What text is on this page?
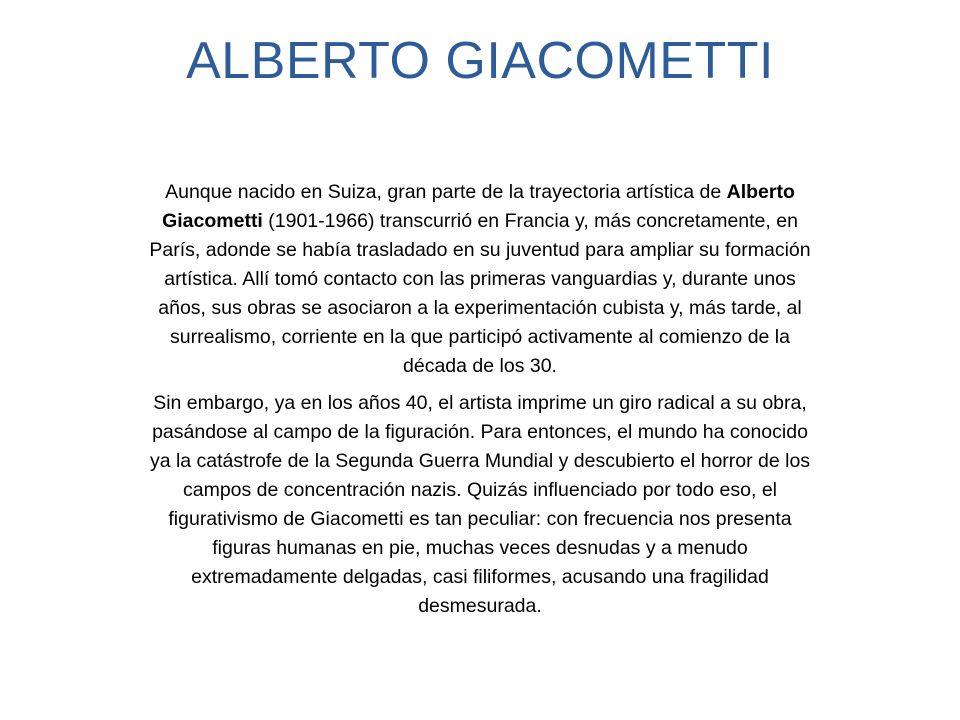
ALBERTO GIACOMETTI

Aunque nacido en Suiza, gran parte de la trayectoria artística de Alberto Giacometti (1901-1966) transcurrió en Francia y, más concretamente, en París, adonde se había trasladado en su juventud para ampliar su formación artística. Allí tomó contacto con las primeras vanguardias y, durante unos años, sus obras se asociaron a la experimentación cubista y, más tarde, al surrealismo, corriente en la que participó activamente al comienzo de la década de los 30.

Sin embargo, ya en los años 40, el artista imprime un giro radical a su obra, pasándose al campo de la figuración. Para entonces, el mundo ha conocido ya la catástrofe de la Segunda Guerra Mundial y descubierto el horror de los campos de concentración nazis. Quizás influenciado por todo eso, el figurativismo de Giacometti es tan peculiar: con frecuencia nos presenta figuras humanas en pie, muchas veces desnudas y a menudo extremadamente delgadas, casi filiformes, acusando una fragilidad desmesurada.
